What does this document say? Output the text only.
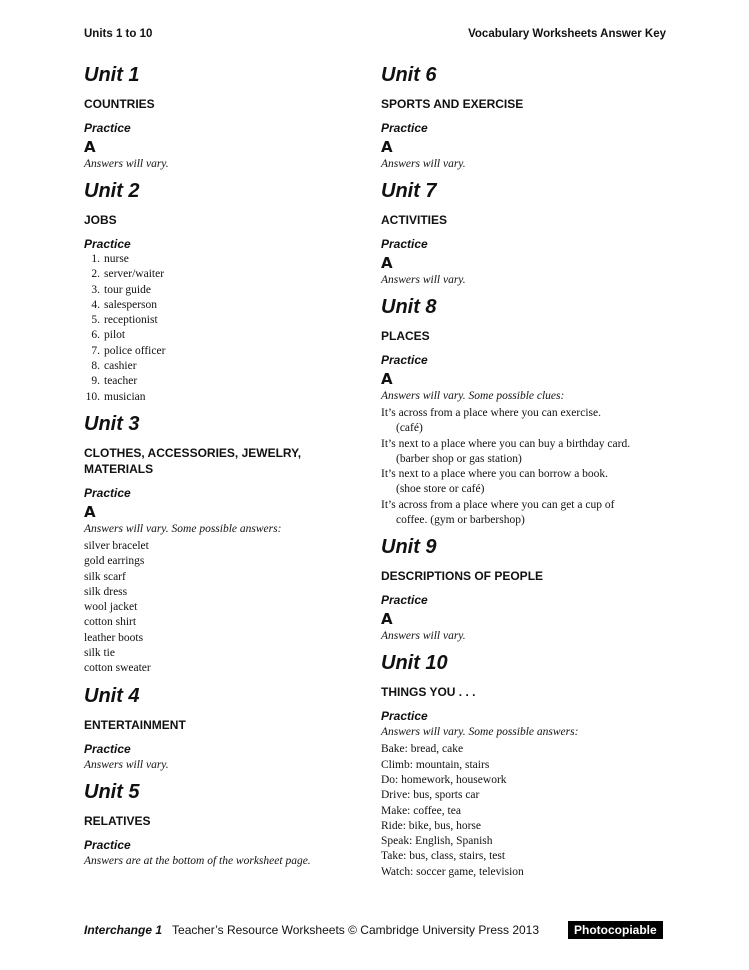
Units 1 to 10	Vocabulary Worksheets Answer Key
Unit 1
COUNTRIES
Practice
A
Answers will vary.
Unit 2
JOBS
Practice
1. nurse
2. server/waiter
3. tour guide
4. salesperson
5. receptionist
6. pilot
7. police officer
8. cashier
9. teacher
10. musician
Unit 3
CLOTHES, ACCESSORIES, JEWELRY, MATERIALS
Practice
A
Answers will vary. Some possible answers:
silver bracelet
gold earrings
silk scarf
silk dress
wool jacket
cotton shirt
leather boots
silk tie
cotton sweater
Unit 4
ENTERTAINMENT
Practice
Answers will vary.
Unit 5
RELATIVES
Practice
Answers are at the bottom of the worksheet page.
Unit 6
SPORTS AND EXERCISE
Practice
A
Answers will vary.
Unit 7
ACTIVITIES
Practice
A
Answers will vary.
Unit 8
PLACES
Practice
A
Answers will vary. Some possible clues:
It’s across from a place where you can exercise.
(café)
It’s next to a place where you can buy a birthday card.
(barber shop or gas station)
It’s next to a place where you can borrow a book.
(shoe store or café)
It’s across from a place where you can get a cup of
coffee. (gym or barbershop)
Unit 9
DESCRIPTIONS OF PEOPLE
Practice
A
Answers will vary.
Unit 10
THINGS YOU . . .
Practice
Answers will vary. Some possible answers:
Bake: bread, cake
Climb: mountain, stairs
Do: homework, housework
Drive: bus, sports car
Make: coffee, tea
Ride: bike, bus, horse
Speak: English, Spanish
Take: bus, class, stairs, test
Watch: soccer game, television
Interchange 1 Teacher’s Resource Worksheets © Cambridge University Press 2013	Photocopiable
